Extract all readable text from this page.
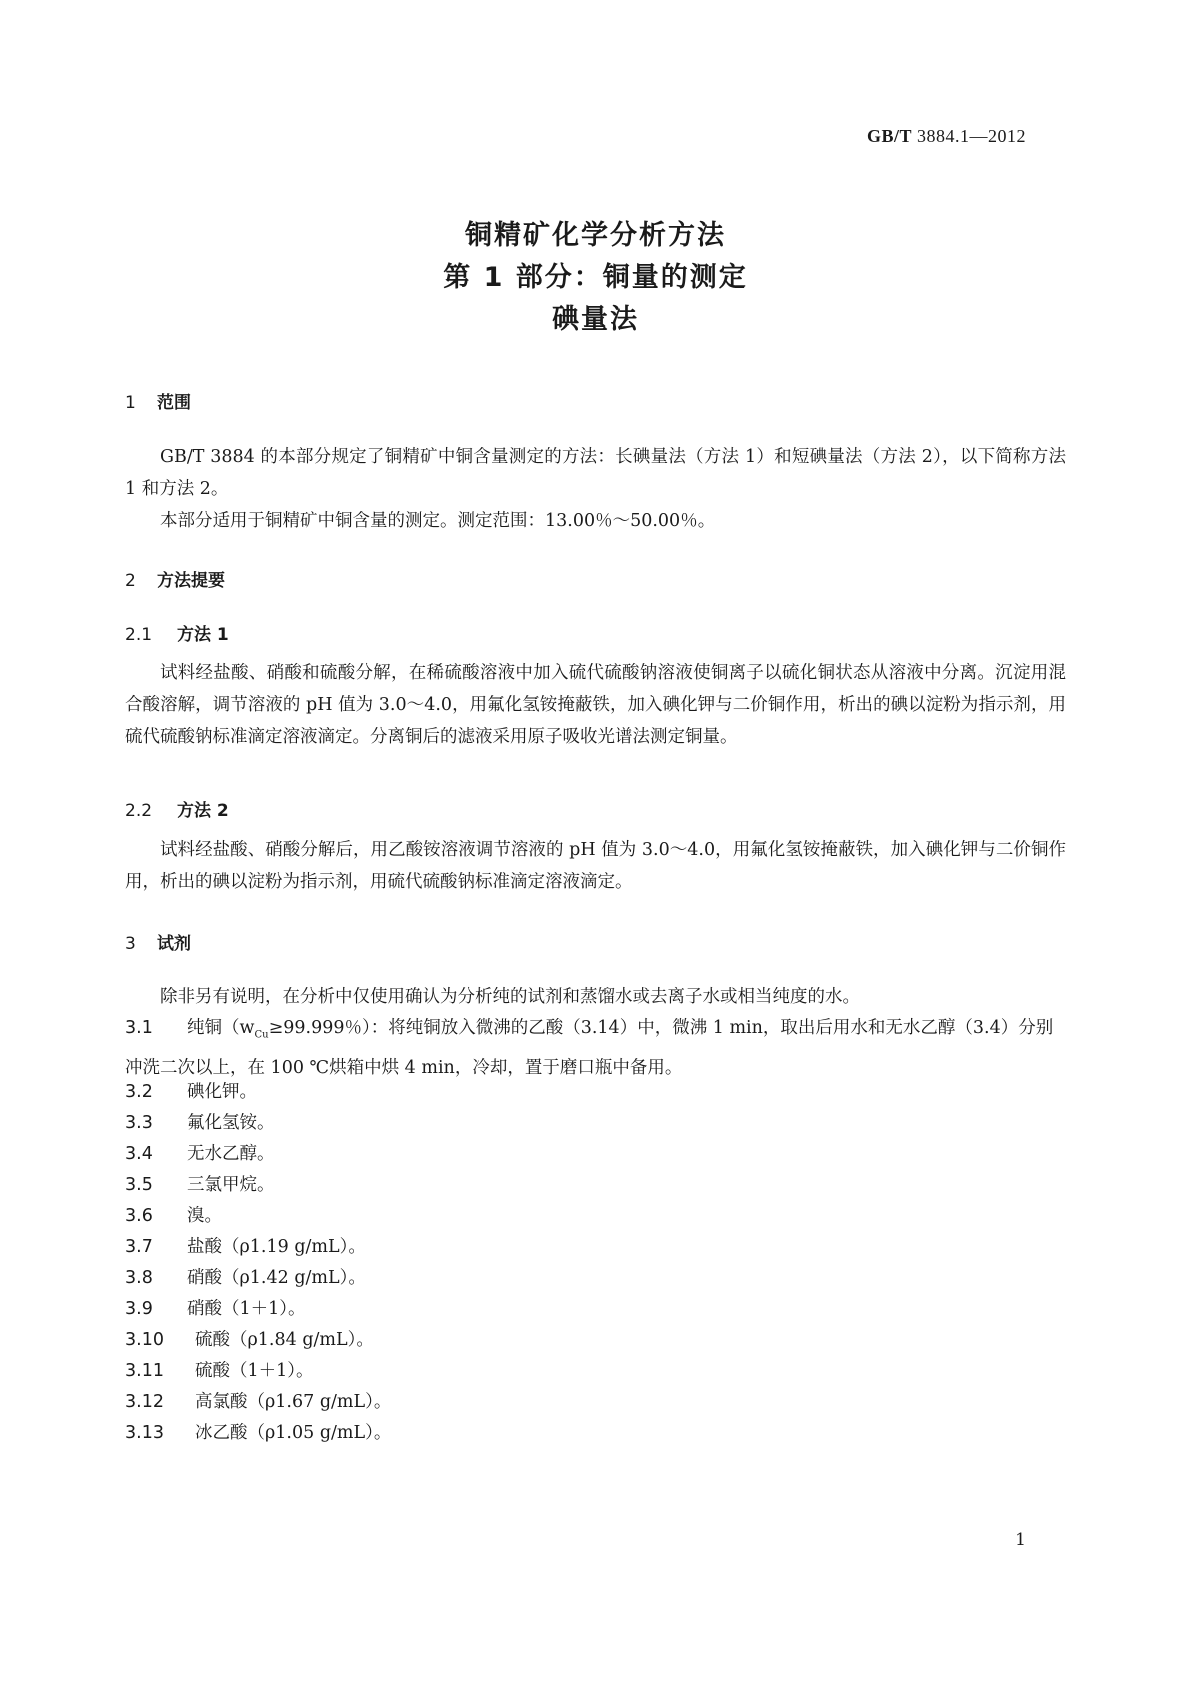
GB/T 3884.1—2012
铜精矿化学分析方法
第 1 部分：铜量的测定
碘量法
1 范围
GB/T 3884 的本部分规定了铜精矿中铜含量测定的方法：长碘量法（方法 1）和短碘量法（方法 2），以下简称方法 1 和方法 2。
本部分适用于铜精矿中铜含量的测定。测定范围：13.00％～50.00％。
2 方法提要
2.1 方法 1
试料经盐酸、硝酸和硫酸分解，在稀硫酸溶液中加入硫代硫酸钠溶液使铜离子以硫化铜状态从溶液中分离。沉淀用混合酸溶解，调节溶液的 pH 值为 3.0～4.0，用氟化氢铵掩蔽铁，加入碘化钾与二价铜作用，析出的碘以淀粉为指示剂，用硫代硫酸钠标准滴定溶液滴定。分离铜后的滤液采用原子吸收光谱法测定铜量。
2.2 方法 2
试料经盐酸、硝酸分解后，用乙酸铵溶液调节溶液的 pH 值为 3.0～4.0，用氟化氢铵掩蔽铁，加入碘化钾与二价铜作用，析出的碘以淀粉为指示剂，用硫代硫酸钠标准滴定溶液滴定。
3 试剂
除非另有说明，在分析中仅使用确认为分析纯的试剂和蒸馏水或去离子水或相当纯度的水。
3.1 纯铜（$w_{Cu}\ge 99.999$％）：将纯铜放入微沸的乙酸（3.14）中，微沸 1 min，取出后用水和无水乙醇（3.4）分别冲洗二次以上，在 100 ℃烘箱中烘 4 min，冷却，置于磨口瓶中备用。
3.2 碘化钾。
3.3 氟化氢铵。
3.4 无水乙醇。
3.5 三氯甲烷。
3.6 溴。
3.7 盐酸（ρ1.19 g/mL）。
3.8 硝酸（ρ1.42 g/mL）。
3.9 硝酸（1＋1）。
3.10 硫酸（ρ1.84 g/mL）。
3.11 硫酸（1＋1）。
3.12 高氯酸（ρ1.67 g/mL）。
3.13 冰乙酸（ρ1.05 g/mL）。
1
